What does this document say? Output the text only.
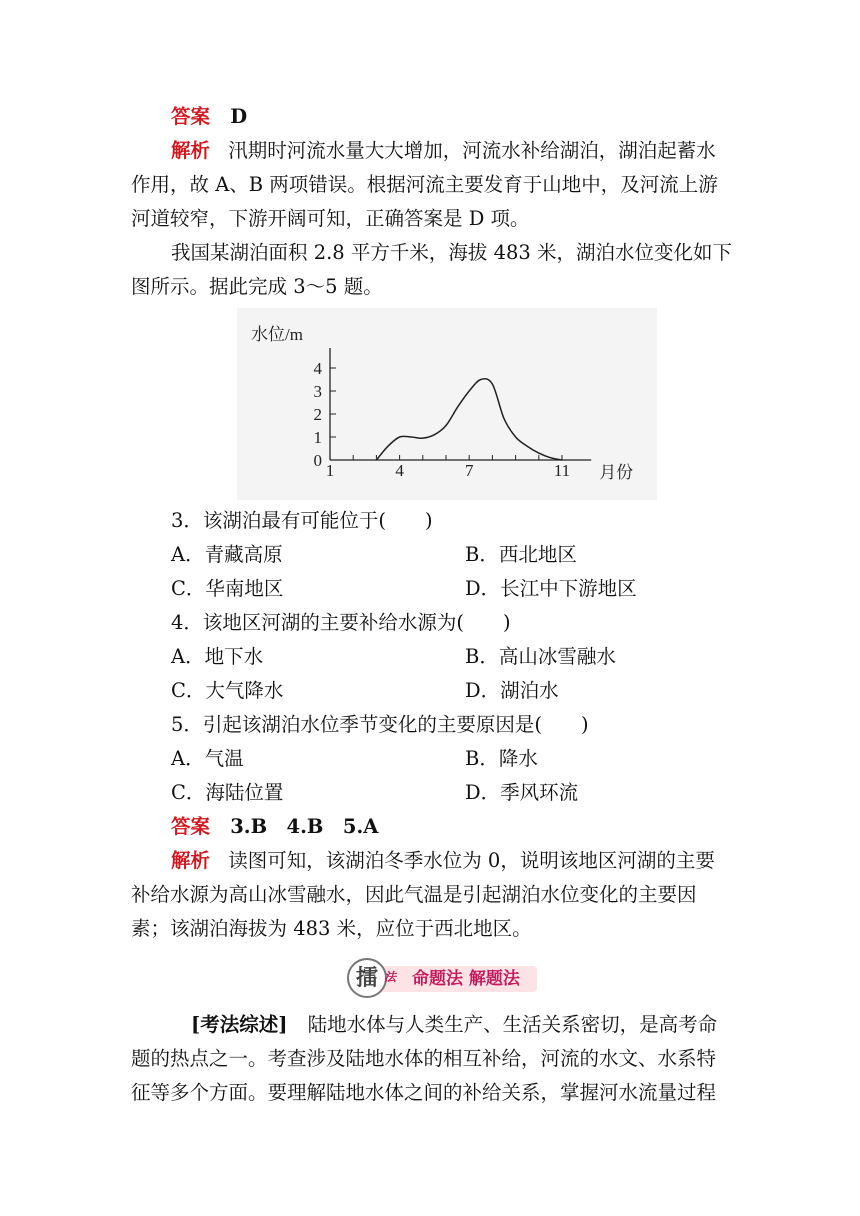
答案 D
解析 汛期时河流水量大大增加，河流水补给湖泊，湖泊起蓄水
作用，故 A、B 两项错误。根据河流主要发育于山地中，及河流上游
河道较窄，下游开阔可知，正确答案是 D 项。
我国某湖泊面积 2.8 平方千米，海拔 483 米，湖泊水位变化如下
图所示。据此完成 3～5 题。
1	4	7	11
0
1
2
3
4
水位/m
月份
3．该湖泊最有可能位于(　　)
A．青藏高原	B．西北地区
C．华南地区	D．长江中下游地区
4．该地区河湖的主要补给水源为(　　)
A．地下水	B．高山冰雪融水
C．大气降水	D．湖泊水
5．引起该湖泊水位季节变化的主要原因是(　　)
A．气温	B．降水
C．海陆位置	D．季风环流
答案 3.B　4.B　5.A
解析 读图可知，该湖泊冬季水位为 0，说明该地区河湖的主要
补给水源为高山冰雪融水，因此气温是引起湖泊水位变化的主要因
素；该湖泊海拔为 483 米，应位于西北地区。
擂 法 命题法 解题法
[考法综述] 陆地水体与人类生产、生活关系密切，是高考命
题的热点之一。考查涉及陆地水体的相互补给，河流的水文、水系特
征等多个方面。要理解陆地水体之间的补给关系，掌握河水流量过程
